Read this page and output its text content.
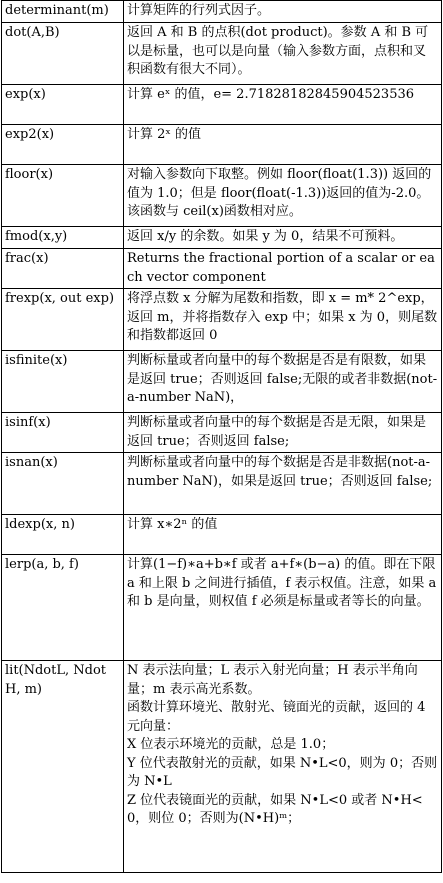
determinant(m)	计算矩阵的行列式因子。
dot(A,B)	返回 A 和 B 的点积(dot product)。参数 A 和 B 可以是标量，也可以是向量（输入参数方面，点积和叉积函数有很大不同）。
exp(x)	计算 eˣ 的值，e= 2.71828182845904523536
exp2(x)	计算 2ˣ 的值
floor(x)	对输入参数向下取整。例如 floor(float(1.3)) 返回的值为 1.0；但是 floor(float(-1.3))返回的值为-2.0。该函数与 ceil(x)函数相对应。
fmod(x,y)	返回 x/y 的余数。如果 y 为 0，结果不可预料。
frac(x)	Returns the fractional portion of a scalar or each vector component
frexp(x, out exp)	将浮点数 x 分解为尾数和指数，即 x = m* 2^exp，返回 m，并将指数存入 exp 中；如果 x 为 0，则尾数和指数都返回 0
isfinite(x)	判断标量或者向量中的每个数据是否是有限数，如果是返回 true；否则返回 false;无限的或者非数据(not-a-number NaN)，
isinf(x)	判断标量或者向量中的每个数据是否是无限，如果是返回 true；否则返回 false;
isnan(x)	判断标量或者向量中的每个数据是否是非数据(not-a-number NaN)，如果是返回 true；否则返回 false;
ldexp(x, n)	计算 x∗2ⁿ 的值
lerp(a, b, f)	计算(1−f)∗a+b∗f 或者 a+f∗(b−a) 的值。即在下限 a 和上限 b 之间进行插值，f 表示权值。注意，如果 a 和 b 是向量，则权值 f 必须是标量或者等长的向量。
lit(NdotL, NdotH, m)	N 表示法向量；L 表示入射光向量；H 表示半角向量；m 表示高光系数。
函数计算环境光、散射光、镜面光的贡献，返回的 4 元向量：
X 位表示环境光的贡献，总是 1.0；
Y 位代表散射光的贡献，如果 N•L<0，则为 0；否则为 N•L
Z 位代表镜面光的贡献，如果 N•L<0 或者 N•H<0，则位 0；否则为(N•H)ᵐ；
